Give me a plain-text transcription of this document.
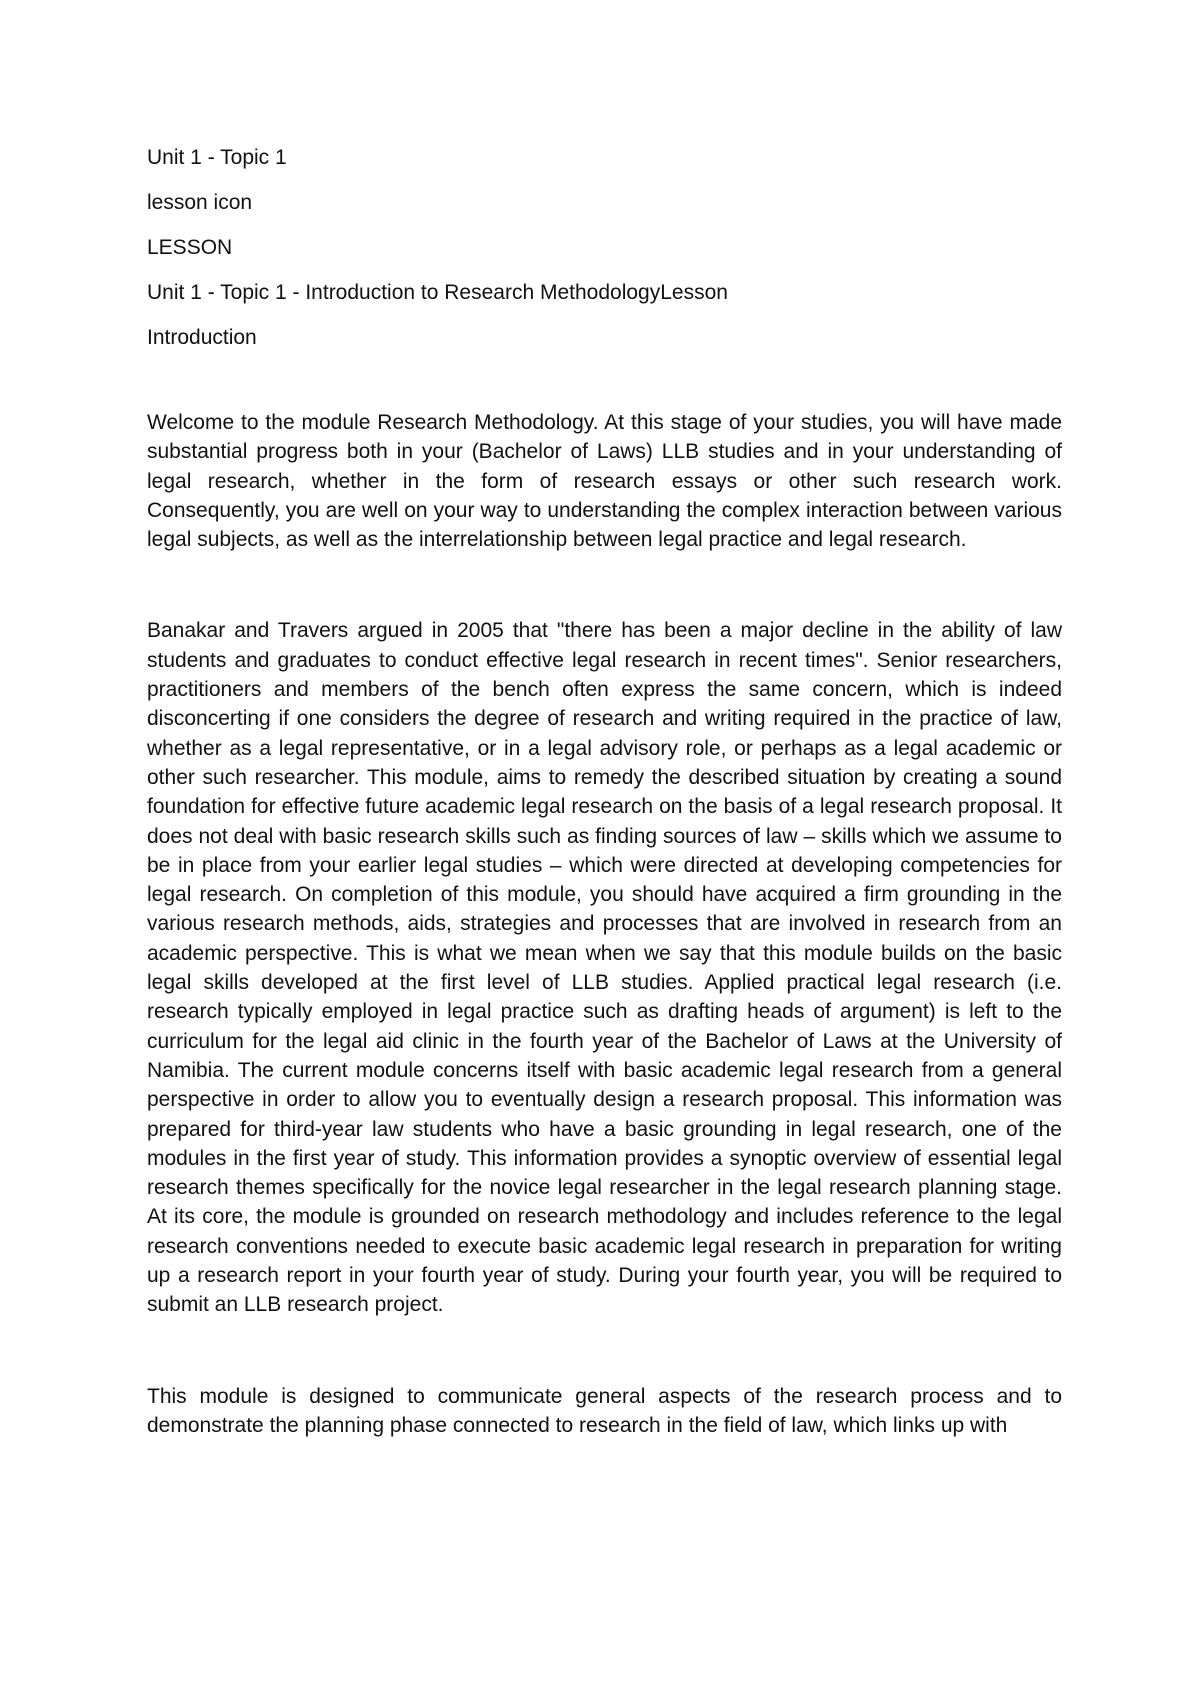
Unit 1 - Topic 1
lesson icon
LESSON
Unit 1 - Topic 1 - Introduction to Research MethodologyLesson
Introduction

Welcome to the module Research Methodology. At this stage of your studies, you will have made substantial progress both in your (Bachelor of Laws) LLB studies and in your understanding of legal research, whether in the form of research essays or other such research work. Consequently, you are well on your way to understanding the complex interaction between various legal subjects, as well as the interrelationship between legal practice and legal research.

Banakar and Travers argued in 2005 that "there has been a major decline in the ability of law students and graduates to conduct effective legal research in recent times". Senior researchers, practitioners and members of the bench often express the same concern, which is indeed disconcerting if one considers the degree of research and writing required in the practice of law, whether as a legal representative, or in a legal advisory role, or perhaps as a legal academic or other such researcher. This module, aims to remedy the described situation by creating a sound foundation for effective future academic legal research on the basis of a legal research proposal. It does not deal with basic research skills such as finding sources of law – skills which we assume to be in place from your earlier legal studies – which were directed at developing competencies for legal research. On completion of this module, you should have acquired a firm grounding in the various research methods, aids, strategies and processes that are involved in research from an academic perspective. This is what we mean when we say that this module builds on the basic legal skills developed at the first level of LLB studies. Applied practical legal research (i.e. research typically employed in legal practice such as drafting heads of argument) is left to the curriculum for the legal aid clinic in the fourth year of the Bachelor of Laws at the University of Namibia. The current module concerns itself with basic academic legal research from a general perspective in order to allow you to eventually design a research proposal. This information was prepared for third-year law students who have a basic grounding in legal research, one of the modules in the first year of study. This information provides a synoptic overview of essential legal research themes specifically for the novice legal researcher in the legal research planning stage. At its core, the module is grounded on research methodology and includes reference to the legal research conventions needed to execute basic academic legal research in preparation for writing up a research report in your fourth year of study. During your fourth year, you will be required to submit an LLB research project.

This module is designed to communicate general aspects of the research process and to demonstrate the planning phase connected to research in the field of law, which links up with
